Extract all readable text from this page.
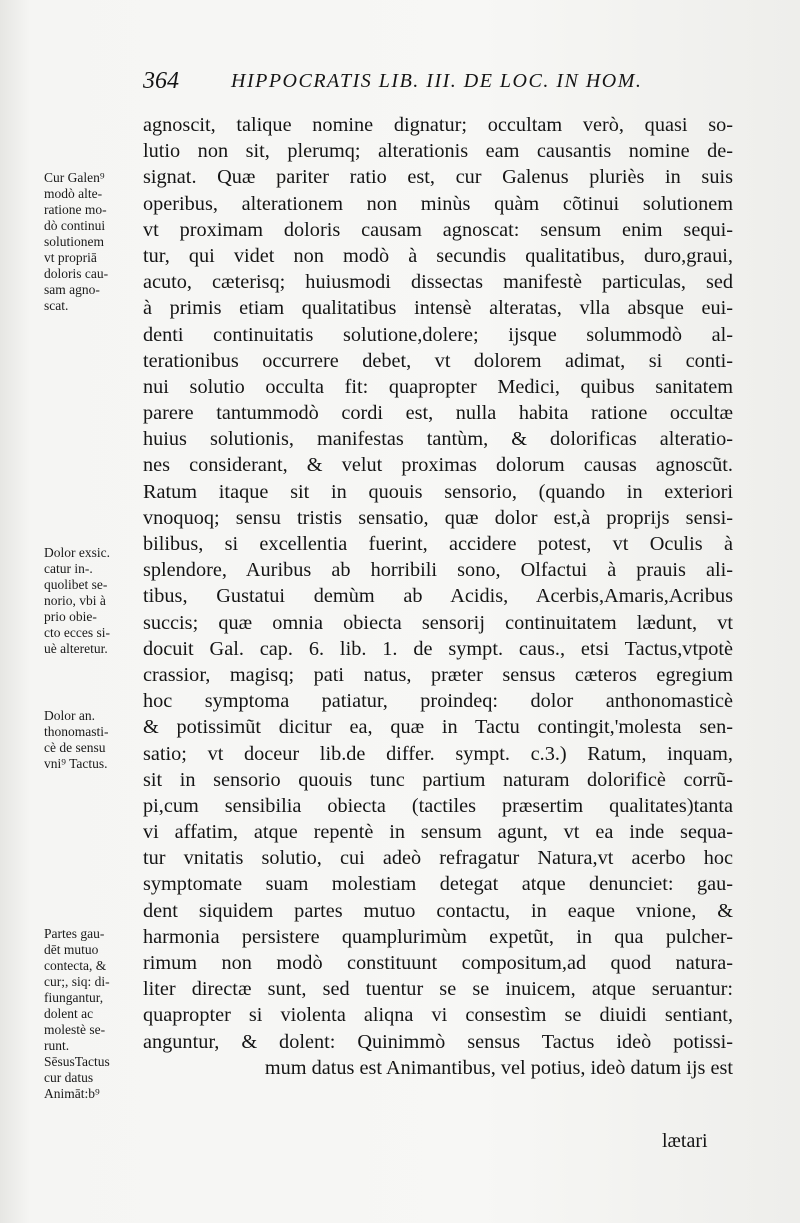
364	HIPPOCRATIS LIB. III. DE LOC. IN HOM.
Cur Galen⁹
modò alte-
ratione mo-
dò continui
solutionem
vt propriā
doloris cau-
sam agno-
scat.
Dolor exsic.
catur in-.
quolibet se-
norio, vbi à
prio obie-
cto ecces si-
uè alteretur.
Dolor an.
thonomasti-
cè de sensu
vni⁹ Tactus.
Partes gau-
dēt mutuo
contecta, &
cur;, siq: di-
fiungantur,
dolent ac
molestè se-
runt.
SēsusTactus
cur datus
Animāt:b⁹
agnoscit, talique nomine dignatur; occultam verò, quasi so-
lutio non sit, plerumq; alterationis eam causantis nomine de-
signat. Quæ pariter ratio est, cur Galenus pluriès in suis
operibus, alterationem non minùs quàm cõtinui solutionem
vt proximam doloris causam agnoscat: sensum enim sequi-
tur, qui videt non modò à secundis qualitatibus, duro,graui,
acuto, cæterisq; huiusmodi dissectas manifestè particulas, sed
à primis etiam qualitatibus intensè alteratas, vlla absque eui-
denti continuitatis solutione,dolere; ijsque solummodò al-
terationibus occurrere debet, vt dolorem adimat, si conti-
nui solutio occulta fit: quapropter Medici, quibus sanitatem
parere tantummodò cordi est, nulla habita ratione occultæ
huius solutionis, manifestas tantùm, & dolorificas alteratio-
nes considerant, & velut proximas dolorum causas agnoscũt.
Ratum itaque sit in quouis sensorio, (quando in exteriori
vnoquoq; sensu tristis sensatio, quæ dolor est,à proprijs sensi-
bilibus, si excellentia fuerint, accidere potest, vt Oculis à
splendore, Auribus ab horribili sono, Olfactui à prauis ali-
tibus, Gustatui demùm ab Acidis, Acerbis,Amaris,Acribus
succis; quæ omnia obiecta sensorij continuitatem lædunt, vt
docuit Gal. cap. 6. lib. 1. de sympt. caus., etsi Tactus,vtpotè
crassior, magisq; pati natus, præter sensus cæteros egregium
hoc symptoma patiatur, proindeq: dolor anthonomasticè
& potissimũt dicitur ea, quæ in Tactu contingit,'molesta sen-
satio; vt doceur lib.de differ. sympt. c.3.) Ratum, inquam,
sit in sensorio quouis tunc partium naturam dolorificè corrũ-
pi,cum sensibilia obiecta (tactiles præsertim qualitates)tanta
vi affatim, atque repentè in sensum agunt, vt ea inde sequa-
tur vnitatis solutio, cui adeò refragatur Natura,vt acerbo hoc
symptomate suam molestiam detegat atque denunciet: gau-
dent siquidem partes mutuo contactu, in eaque vnione, &
harmonia persistere quamplurimùm expetũt, in qua pulcher-
rimum non modò constituunt compositum,ad quod natura-
liter directæ sunt, sed tuentur se se inuicem, atque seruantur:
quapropter si violenta aliqna vi consestìm se diuidi sentiant,
anguntur, & dolent: Quinimmò sensus Tactus ideò potissi-
mum datus est Animantibus, vel potius, ideò datum ijs est
lætari
